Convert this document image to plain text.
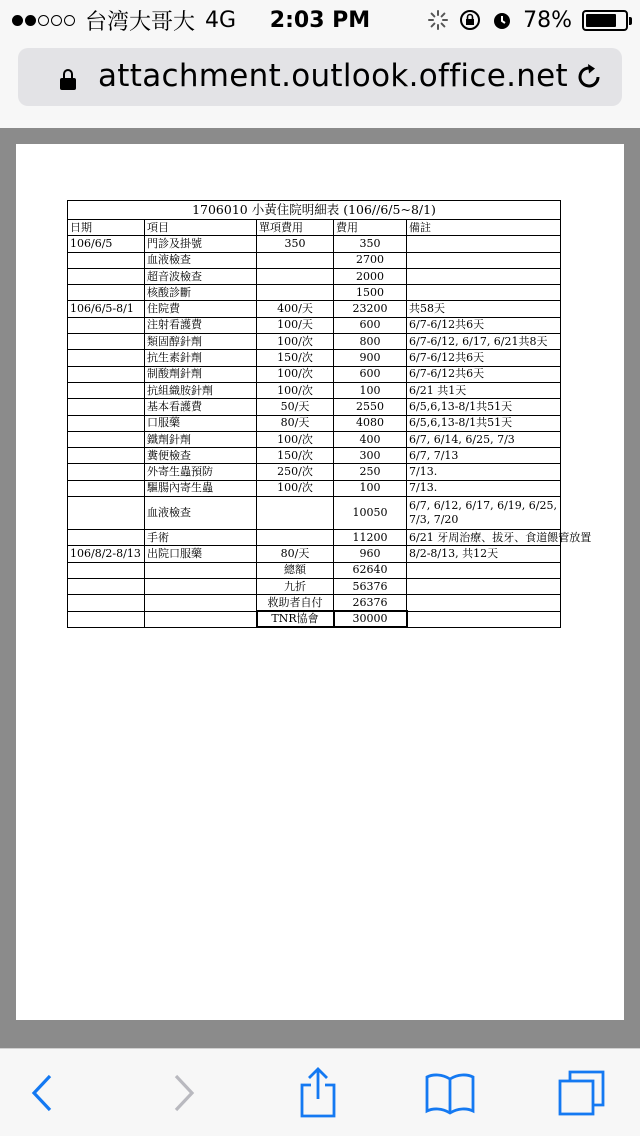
台湾大哥大 4G	2:03 PM	78%
attachment.outlook.office.net
1706010 小黃住院明細表 (106//6/5~8/1)				
日期	項目	單項費用	費用	備註
106/6/5	門診及掛號	350	350	
	血液檢查		2700	
	超音波檢查		2000	
	核酸診斷		1500	
106/6/5-8/1	住院費	400/天	23200	共58天
	注射看護費	100/天	600	6/7-6/12共6天
	類固醇針劑	100/次	800	6/7-6/12, 6/17, 6/21共8天
	抗生素針劑	150/次	900	6/7-6/12共6天
	制酸劑針劑	100/次	600	6/7-6/12共6天
	抗組織胺針劑	100/次	100	6/21 共1天
	基本看護費	50/天	2550	6/5,6,13-8/1共51天
	口服藥	80/天	4080	6/5,6,13-8/1共51天
	鐵劑針劑	100/次	400	6/7, 6/14, 6/25, 7/3
	糞便檢查	150/次	300	6/7, 7/13
	外寄生蟲預防	250/次	250	7/13.
	驅腸內寄生蟲	100/次	100	7/13.
	血液檢查		10050	6/7, 6/12, 6/17, 6/19, 6/25, 7/3, 7/20
	手術		11200	6/21 牙周治療、拔牙、食道餵管放置
106/8/2-8/13	出院口服藥	80/天	960	8/2-8/13, 共12天
		總額	62640	
		九折	56376	
		救助者自付	26376	
		TNR協會	30000	
